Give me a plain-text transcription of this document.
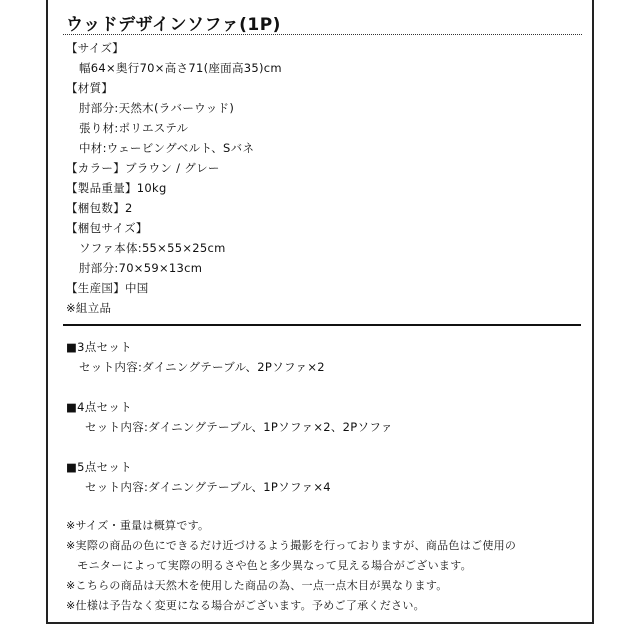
ウッドデザインソファ(1P)
【サイズ】
幅64×奥行70×高さ71(座面高35)cm
【材質】
肘部分:天然木(ラバーウッド)
張り材:ポリエステル
中材:ウェービングベルト、Sバネ
【カラー】ブラウン / グレー
【製品重量】10kg
【梱包数】2
【梱包サイズ】
ソファ本体:55×55×25cm
肘部分:70×59×13cm
【生産国】中国
※組立品
■3点セット
セット内容:ダイニングテーブル、2Pソファ×2
■4点セット
セット内容:ダイニングテーブル、1Pソファ×2、2Pソファ
■5点セット
セット内容:ダイニングテーブル、1Pソファ×4
※サイズ・重量は概算です。
※実際の商品の色にできるだけ近づけるよう撮影を行っておりますが、商品色はご使用の
　モニターによって実際の明るさや色と多少異なって見える場合がございます。
※こちらの商品は天然木を使用した商品の為、一点一点木目が異なります。
※仕様は予告なく変更になる場合がございます。予めご了承ください。
